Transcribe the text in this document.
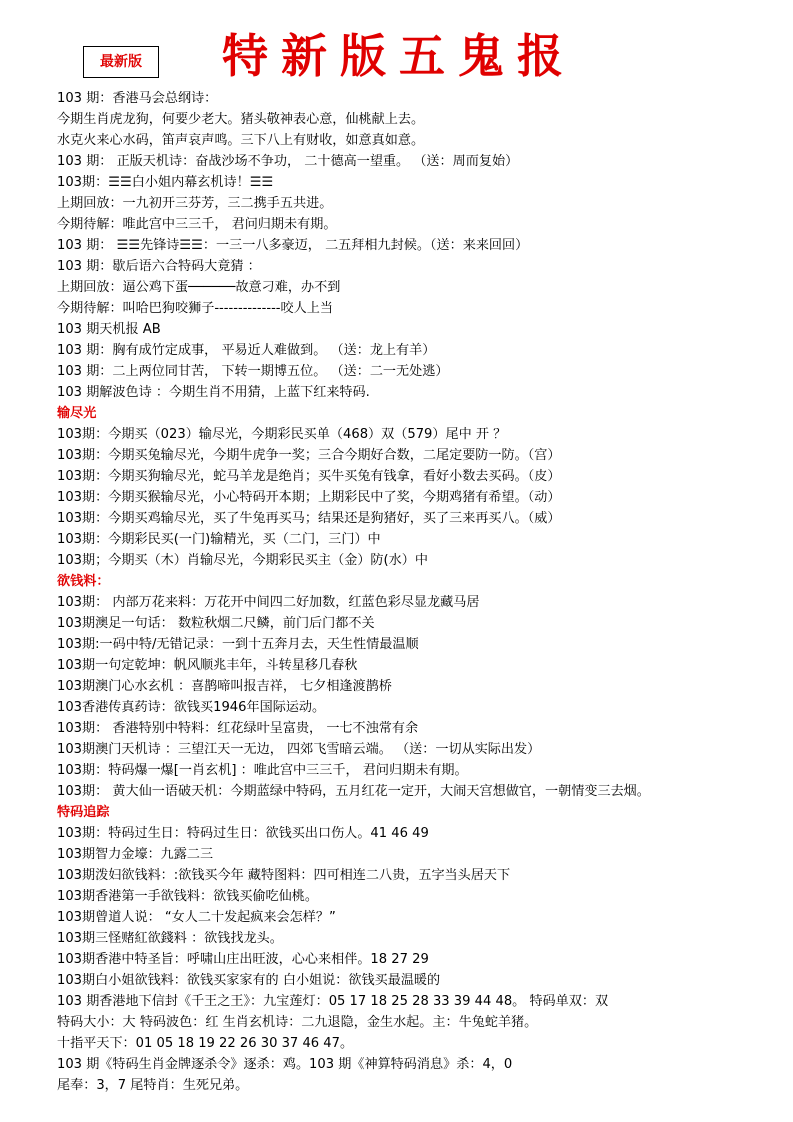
最新版	特新版五鬼报
103 期：香港马会总纲诗：
今期生肖虎龙狗，何要少老大。猪头敬神表心意，仙桃献上去。
水克火来心水码，笛声哀声鸣。三下八上有财收，如意真如意。
103 期： 正版天机诗：奋战沙场不争功， 二十德高一望重。 （送：周而复始）
103期：☰☰白小姐内幕玄机诗！☰☰
上期回放：一九初开三芬芳，三二携手五共进。
今期待解：唯此宫中三三千， 君问归期未有期。
103 期： ☰☰先锋诗☰☰：一三一八多豪迈， 二五拜相九封候。（送：来来回回）
103 期：歇后语六合特码大竟猜 ：
上期回放：逼公鸡下蛋──────故意刁难，办不到
今期待解：叫哈巴狗咬狮子--------------咬人上当
103 期天机报 AB
103 期：胸有成竹定成事， 平易近人难做到。 （送：龙上有羊）
103 期：二上两位同甘苦， 下转一期博五位。 （送：二一无处逃）
103 期解波色诗 ：今期生肖不用猜，上蓝下红来特码.
输尽光
103期：今期买（023）输尽光，今期彩民买单（468）双（579）尾中 开 ？
103期：今期买兔输尽光，今期牛虎争一奖；三合今期好合数，二尾定要防一防。（宫）
103期：今期买狗输尽光，蛇马羊龙是绝肖；买牛买兔有钱拿，看好小数去买码。（皮）
103期：今期买猴输尽光，小心特码开本期；上期彩民中了奖，今期鸡猪有希望。（动）
103期：今期买鸡输尽光，买了牛兔再买马；结果还是狗猪好，买了三来再买八。（威）
103期：今期彩民买(一门)输精光，买（二门，三门）中
103期；今期买（木）肖输尽光，今期彩民买主（金）防(水）中
欲钱料：
103期： 内部万花来料：万花开中间四二好加数，红蓝色彩尽显龙藏马居
103期澳足一句话： 数粒秋烟二尺鳞，前门后门都不关
103期:一码中特/无错记录：一到十五奔月去，天生性情最温顺
103期一句定乾坤：帆风顺兆丰年，斗转星移几春秋
103期澳门心水玄机 ：喜鹊啼叫报吉祥， 七夕相逢渡鹊桥
103香港传真药诗：欲钱买1946年国际运动。
103期： 香港特别中特料：红花绿叶呈富贵， 一七不浊常有余
103期澳门天机诗 ：三望江天一无边， 四郊飞雪暗云端。 （送：一切从实际出发）
103期：特码爆一爆[一肖玄机] ：唯此宫中三三千， 君问归期未有期。
103期： 黄大仙一语破天机：今期蓝绿中特码，五月红花一定开，大闹天宫想做官，一朝情变三去烟。
特码追踪
103期：特码过生日：特码过生日：欲钱买出口伤人。41 46 49
103期智力金壕：九露二三
103期泼妇欲钱料：:欲钱买今年 藏特图料：四可相连二八贵，五字当头居天下
103期香港第一手欲钱料：欲钱买偷吃仙桃。
103期曾道人说： “女人二十发起疯来会怎样？”
103期三怪赌紅欲錢料 ：欲钱找龙头。
103期香港中特圣旨：呼啸山庄出旺波，心心来相伴。18 27 29
103期白小姐欲钱料：欲钱买家家有的 白小姐说：欲钱买最温暖的
103 期香港地下信封《千王之王》：九宝莲灯：05 17 18 25 28 33 39 44 48。 特码单双：双
特码大小：大 特码波色：红 生肖玄机诗：二九退隐，金生水起。主：牛兔蛇羊猪。
十指平天下：01 05 18 19 22 26 30 37 46 47。
103 期《特码生肖金牌逐杀令》逐杀：鸡。103 期《神算特码消息》杀：4，0
尾奉：3，7 尾特肖：生死兄弟。
